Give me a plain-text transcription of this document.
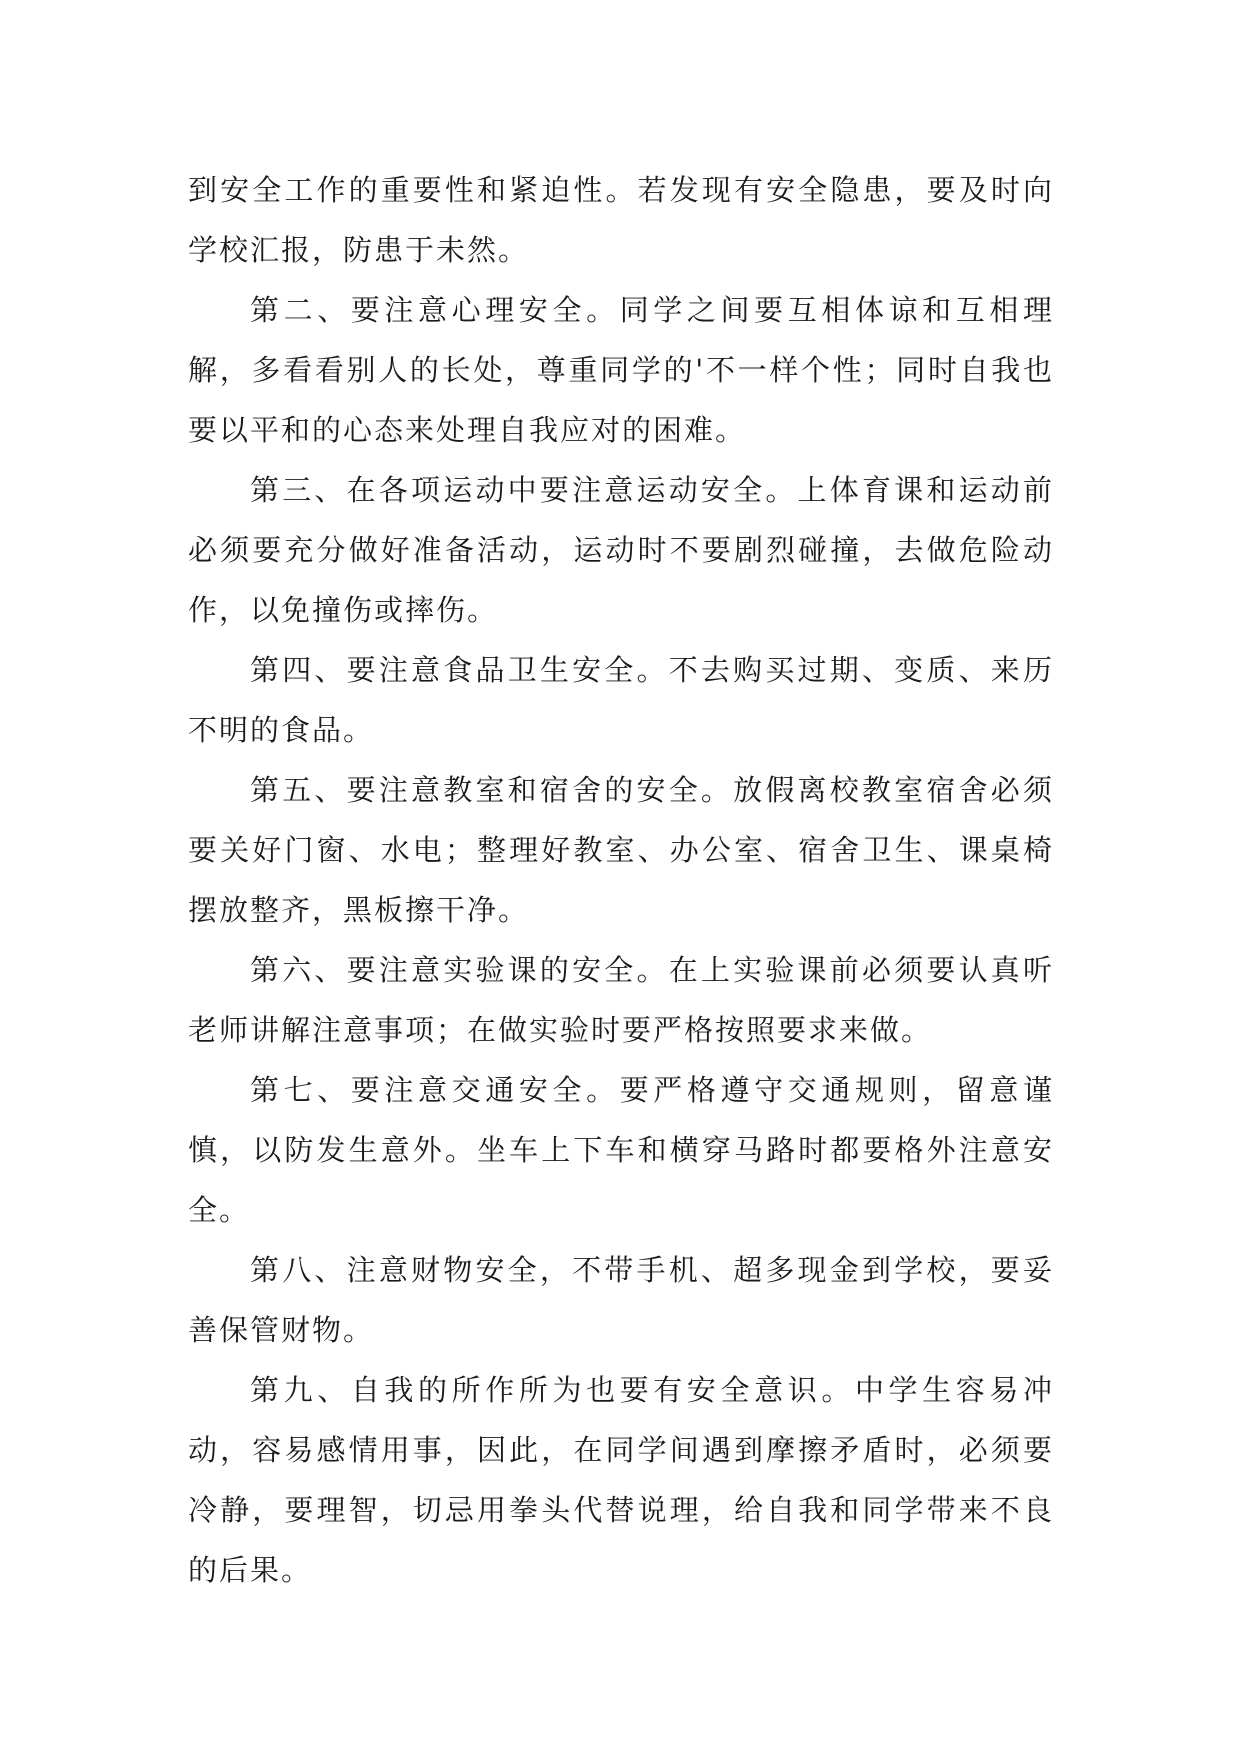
到安全工作的重要性和紧迫性。若发现有安全隐患，要及时向学校汇报，防患于未然。

第二、要注意心理安全。同学之间要互相体谅和互相理解，多看看别人的长处，尊重同学的'不一样个性；同时自我也要以平和的心态来处理自我应对的困难。

第三、在各项运动中要注意运动安全。上体育课和运动前必须要充分做好准备活动，运动时不要剧烈碰撞，去做危险动作，以免撞伤或摔伤。

第四、要注意食品卫生安全。不去购买过期、变质、来历不明的食品。

第五、要注意教室和宿舍的安全。放假离校教室宿舍必须要关好门窗、水电；整理好教室、办公室、宿舍卫生、课桌椅摆放整齐，黑板擦干净。

第六、要注意实验课的安全。在上实验课前必须要认真听老师讲解注意事项；在做实验时要严格按照要求来做。

第七、要注意交通安全。要严格遵守交通规则，留意谨慎，以防发生意外。坐车上下车和横穿马路时都要格外注意安全。

第八、注意财物安全，不带手机、超多现金到学校，要妥善保管财物。

第九、自我的所作所为也要有安全意识。中学生容易冲动，容易感情用事，因此，在同学间遇到摩擦矛盾时，必须要冷静，要理智，切忌用拳头代替说理，给自我和同学带来不良的后果。
